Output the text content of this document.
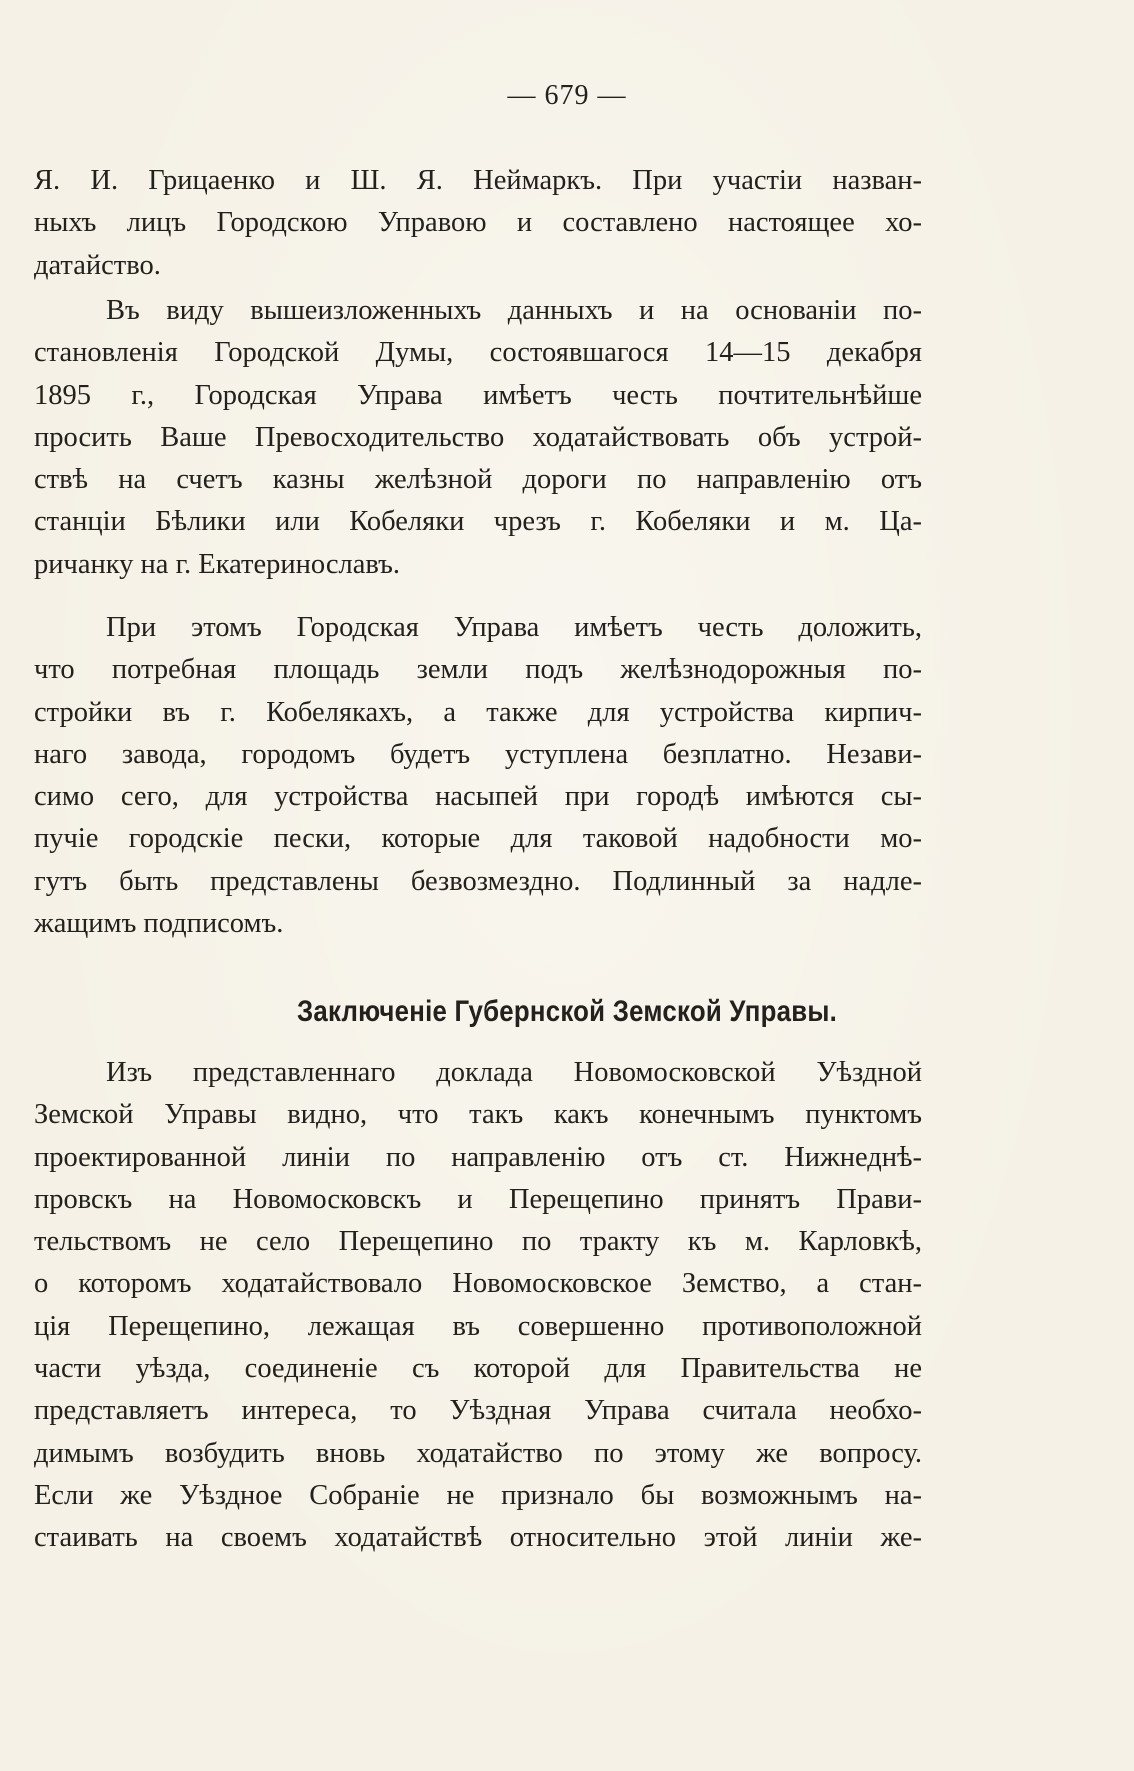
— 679 —
Я. И. Грицаенко и Ш. Я. Неймаркъ. При участіи назван-
ныхъ лицъ Городскою Управою и составлено настоящее хо-
датайство.
Въ виду вышеизложенныхъ данныхъ и на основаніи по-
становленія Городской Думы, состоявшагося 14—15 декабря
1895 г., Городская Управа имѣетъ честь почтительнѣйше
просить Ваше Превосходительство ходатайствовать объ устрой-
ствѣ на счетъ казны желѣзной дороги по направленію отъ
станціи Бѣлики или Кобеляки чрезъ г. Кобеляки и м. Ца-
ричанку на г. Екатеринославъ.
При этомъ Городская Управа имѣетъ честь доложить,
что потребная площадь земли подъ желѣзнодорожныя по-
стройки въ г. Кобелякахъ, а также для устройства кирпич-
наго завода, городомъ будетъ уступлена безплатно. Незави-
симо сего, для устройства насыпей при городѣ имѣются сы-
пучіе городскіе пески, которые для таковой надобности мо-
гутъ быть представлены безвозмездно. Подлинный за надле-
жащимъ подписомъ.
Заключеніе Губернской Земской Управы.
Изъ представленнаго доклада Новомосковской Уѣздной
Земской Управы видно, что такъ какъ конечнымъ пунктомъ
проектированной линіи по направленію отъ ст. Нижнеднѣ-
провскъ на Новомосковскъ и Перещепино принятъ Прави-
тельствомъ не село Перещепино по тракту къ м. Карловкѣ,
о которомъ ходатайствовало Новомосковское Земство, а стан-
ція Перещепино, лежащая въ совершенно противоположной
части уѣзда, соединеніе съ которой для Правительства не
представляетъ интереса, то Уѣздная Управа считала необхо-
димымъ возбудить вновь ходатайство по этому же вопросу.
Если же Уѣздное Собраніе не признало бы возможнымъ на-
стаивать на своемъ ходатайствѣ относительно этой линіи же-
